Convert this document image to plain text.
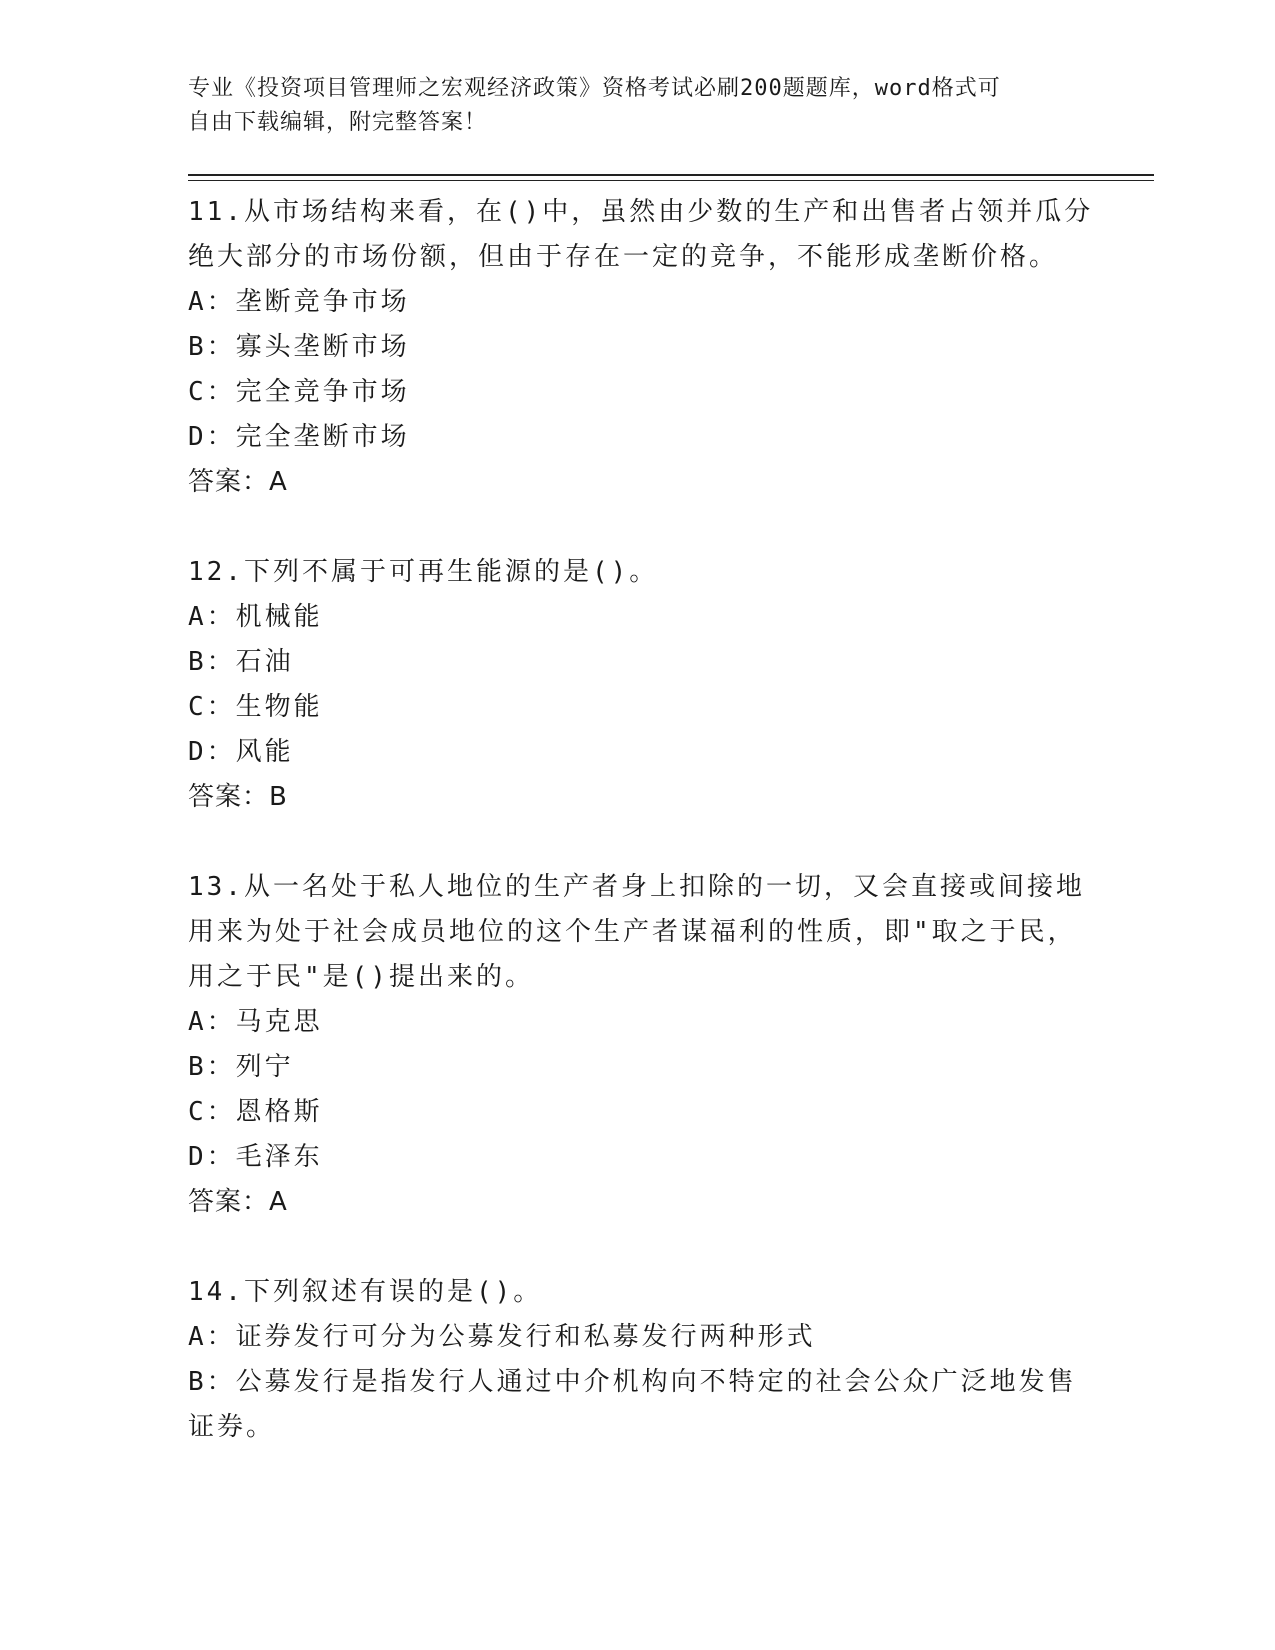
专业《投资项目管理师之宏观经济政策》资格考试必刷200题题库，word格式可
自由下载编辑，附完整答案！
11.从市场结构来看，在()中，虽然由少数的生产和出售者占领并瓜分
绝大部分的市场份额，但由于存在一定的竞争，不能形成垄断价格。
A：垄断竞争市场
B：寡头垄断市场
C：完全竞争市场
D：完全垄断市场
答案：A
12.下列不属于可再生能源的是()。
A：机械能
B：石油
C：生物能
D：风能
答案：B
13.从一名处于私人地位的生产者身上扣除的一切，又会直接或间接地
用来为处于社会成员地位的这个生产者谋福利的性质，即"取之于民，
用之于民"是()提出来的。
A：马克思
B：列宁
C：恩格斯
D：毛泽东
答案：A
14.下列叙述有误的是()。
A：证券发行可分为公募发行和私募发行两种形式
B：公募发行是指发行人通过中介机构向不特定的社会公众广泛地发售
证券。
